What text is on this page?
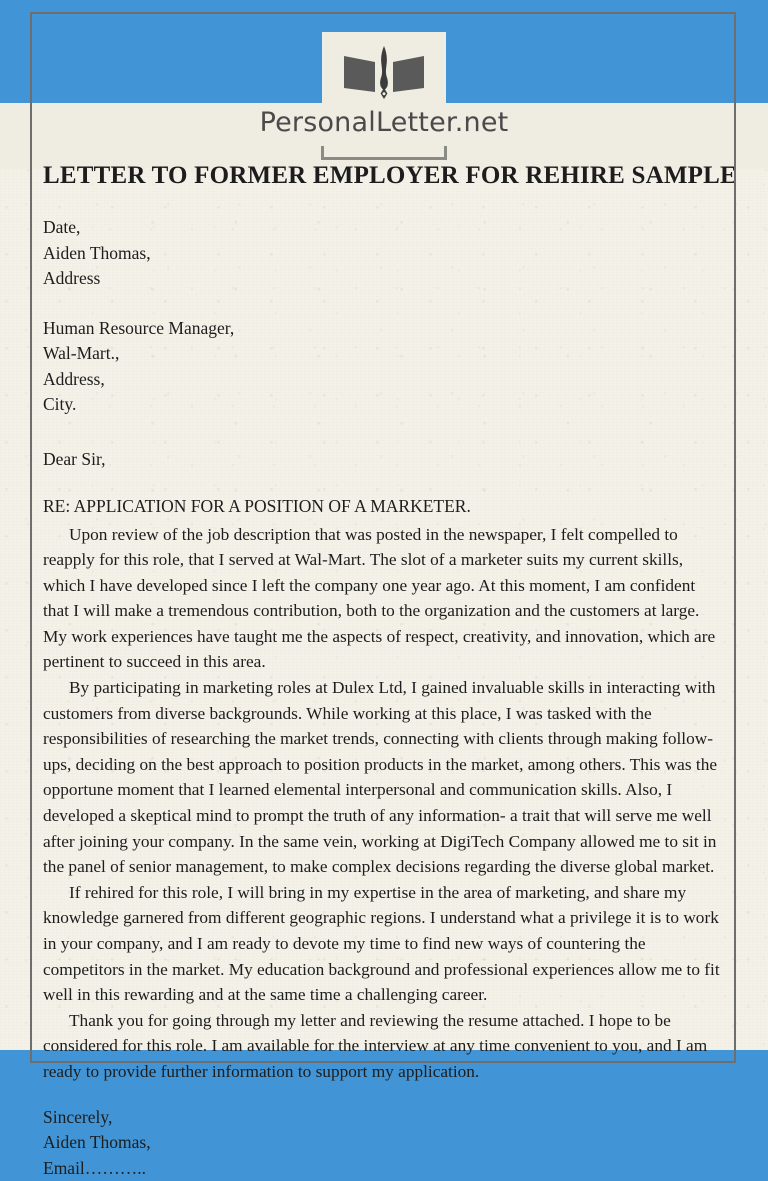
PersonalLetter.net
LETTER TO FORMER EMPLOYER FOR REHIRE SAMPLE
Date,
Aiden Thomas,
Address
Human Resource Manager,
Wal-Mart.,
Address,
City.
Dear Sir,
RE: APPLICATION FOR A POSITION OF A MARKETER.
Upon review of the job description that was posted in the newspaper, I felt compelled to reapply for this role, that I served at Wal-Mart. The slot of a marketer suits my current skills, which I have developed since I left the company one year ago. At this moment, I am confident that I will make a tremendous contribution, both to the organization and the customers at large. My work experiences have taught me the aspects of respect, creativity, and innovation, which are pertinent to succeed in this area.
By participating in marketing roles at Dulex Ltd, I gained invaluable skills in interacting with customers from diverse backgrounds. While working at this place, I was tasked with the responsibilities of researching the market trends, connecting with clients through making follow-ups, deciding on the best approach to position products in the market, among others. This was the opportune moment that I learned elemental interpersonal and communication skills. Also, I developed a skeptical mind to prompt the truth of any information- a trait that will serve me well after joining your company. In the same vein, working at DigiTech Company allowed me to sit in the panel of senior management, to make complex decisions regarding the diverse global market.
If rehired for this role, I will bring in my expertise in the area of marketing, and share my knowledge garnered from different geographic regions. I understand what a privilege it is to work in your company, and I am ready to devote my time to find new ways of countering the competitors in the market. My education background and professional experiences allow me to fit well in this rewarding and at the same time a challenging career.
Thank you for going through my letter and reviewing the resume attached. I hope to be considered for this role. I am available for the interview at any time convenient to you, and I am ready to provide further information to support my application.
Sincerely,
Aiden Thomas,
Email………..
